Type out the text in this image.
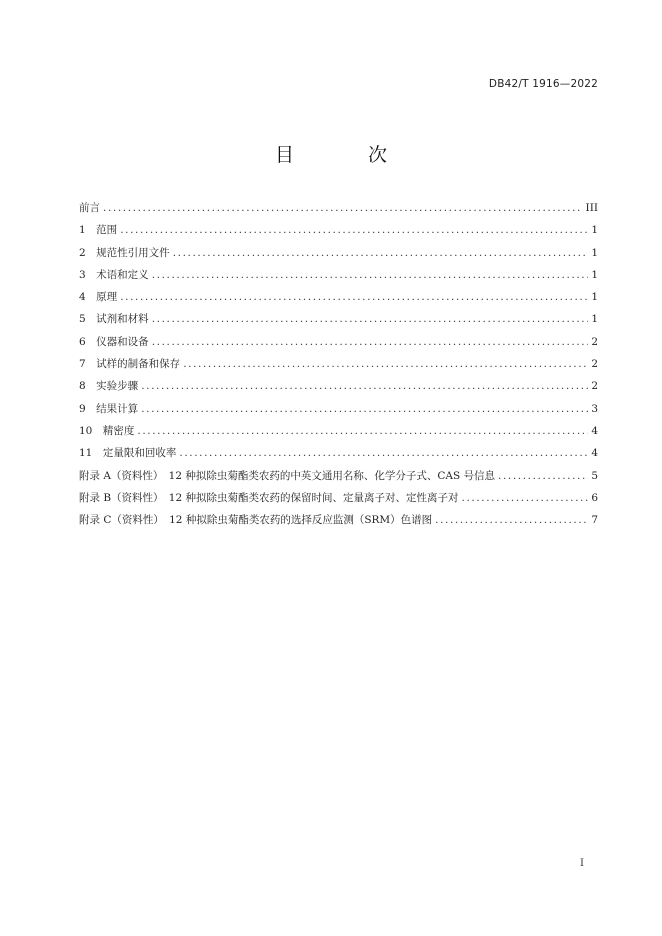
DB42/T 1916—2022
目 次
前言 .....	III
1　范围 .....	1
2　规范性引用文件 .....	1
3　术语和定义 .....	1
4　原理 .....	1
5　试剂和材料 .....	1
6　仪器和设备 .....	2
7　试样的制备和保存 .....	2
8　实验步骤 .....	2
9　结果计算 .....	3
10　精密度 .....	4
11　定量限和回收率 .....	4
附录 A（资料性）　12 种拟除虫菊酯类农药的中英文通用名称、化学分子式、CAS 号信息 .....	5
附录 B（资料性）　12 种拟除虫菊酯类农药的保留时间、定量离子对、定性离子对 .....	6
附录 C（资料性）　12 种拟除虫菊酯类农药的选择反应监测（SRM）色谱图 .....	7
I
